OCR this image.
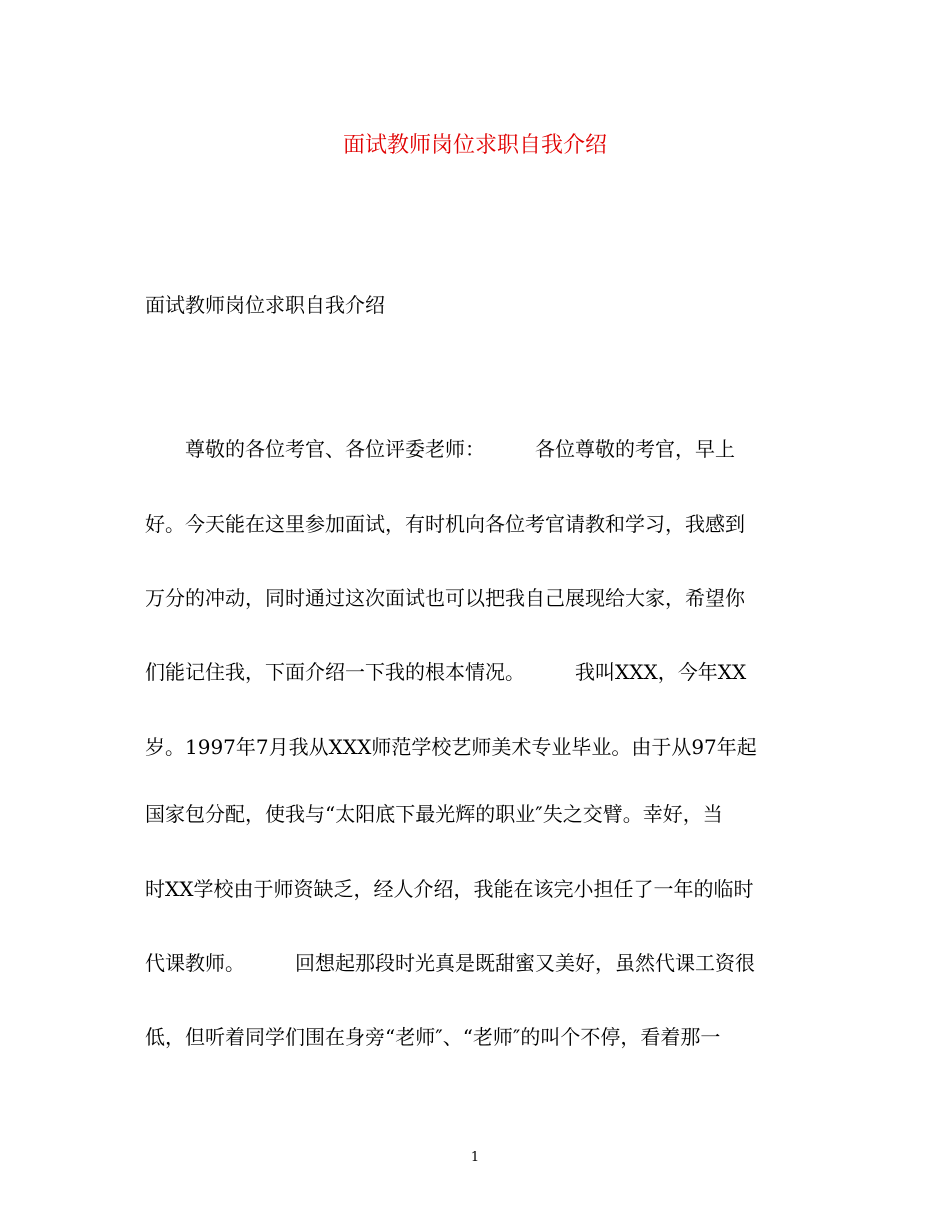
面试教师岗位求职自我介绍
面试教师岗位求职自我介绍
　　尊敬的各位考官、各位评委老师：　　　各位尊敬的考官，早上
好。今天能在这里参加面试，有时机向各位考官请教和学习，我感到
万分的冲动，同时通过这次面试也可以把我自己展现给大家，希望你
们能记住我，下面介绍一下我的根本情况。　　　我叫XXX，今年XX
岁。1997年7月我从XXX师范学校艺师美术专业毕业。由于从97年起
国家包分配，使我与“太阳底下最光辉的职业″失之交臂。幸好，当
时XX学校由于师资缺乏，经人介绍，我能在该完小担任了一年的临时
代课教师。　　　回想起那段时光真是既甜蜜又美好，虽然代课工资很
低，但听着同学们围在身旁“老师″、“老师″的叫个不停，看着那一
1
